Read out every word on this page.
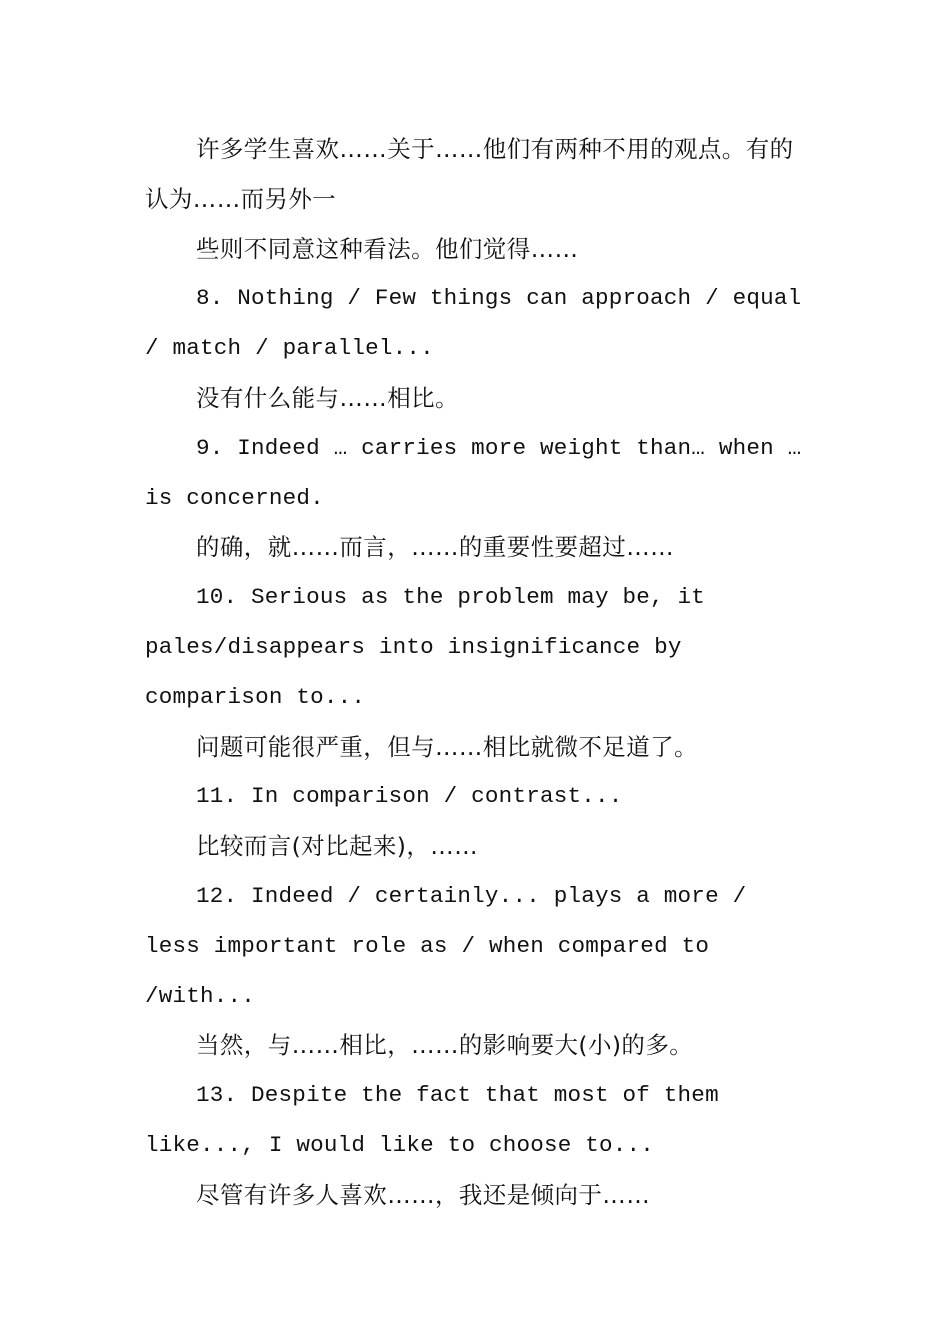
许多学生喜欢……关于……他们有两种不用的观点。有的认为……而另外一

些则不同意这种看法。他们觉得……

8. Nothing / Few things can approach / equal / match / parallel...

没有什么能与……相比。

9. Indeed … carries more weight than… when … is concerned.

的确，就……而言，……的重要性要超过……

10. Serious as the problem may be, it pales/disappears into insignificance by comparison to...

问题可能很严重，但与……相比就微不足道了。

11. In comparison / contrast...

比较而言(对比起来)，……

12. Indeed / certainly... plays a more / less important role as / when compared to /with...

当然，与……相比，……的影响要大(小)的多。

13. Despite the fact that most of them like..., I would like to choose to...

尽管有许多人喜欢……，我还是倾向于……
